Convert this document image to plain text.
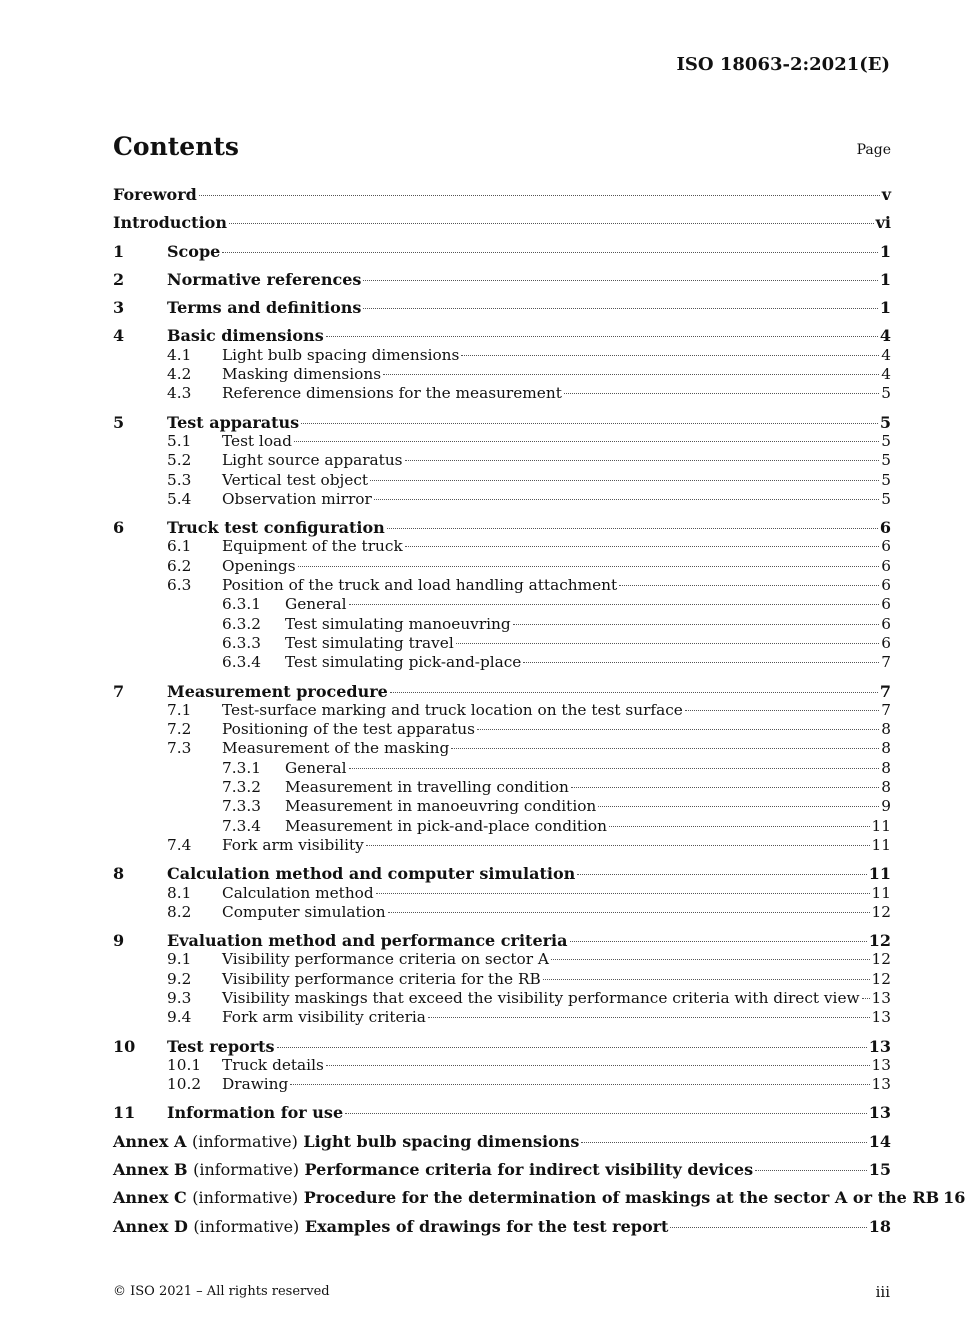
ISO 18063-2:2021(E)
Contents	Page
Foreword	v
Introduction	vi
1	Scope	1
2	Normative references	1
3	Terms and definitions	1
4	Basic dimensions	4
4.1	Light bulb spacing dimensions	4
4.2	Masking dimensions	4
4.3	Reference dimensions for the measurement	5
5	Test apparatus	5
5.1	Test load	5
5.2	Light source apparatus	5
5.3	Vertical test object	5
5.4	Observation mirror	5
6	Truck test configuration	6
6.1	Equipment of the truck	6
6.2	Openings	6
6.3	Position of the truck and load handling attachment	6
6.3.1	General	6
6.3.2	Test simulating manoeuvring	6
6.3.3	Test simulating travel	6
6.3.4	Test simulating pick-and-place	7
7	Measurement procedure	7
7.1	Test-surface marking and truck location on the test surface	7
7.2	Positioning of the test apparatus	8
7.3	Measurement of the masking	8
7.3.1	General	8
7.3.2	Measurement in travelling condition	8
7.3.3	Measurement in manoeuvring condition	9
7.3.4	Measurement in pick-and-place condition	11
7.4	Fork arm visibility	11
8	Calculation method and computer simulation	11
8.1	Calculation method	11
8.2	Computer simulation	12
9	Evaluation method and performance criteria	12
9.1	Visibility performance criteria on sector A	12
9.2	Visibility performance criteria for the RB	12
9.3	Visibility maskings that exceed the visibility performance criteria with direct view 13
9.4	Fork arm visibility criteria	13
10	Test reports	13
10.1	Truck details	13
10.2	Drawing	13
11	Information for use	13
Annex A (informative) Light bulb spacing dimensions	14
Annex B (informative) Performance criteria for indirect visibility devices	15
Annex C (informative) Procedure for the determination of maskings at the sector A or the RB 16
Annex D (informative) Examples of drawings for the test report	18
© ISO 2021 – All rights reserved	iii
